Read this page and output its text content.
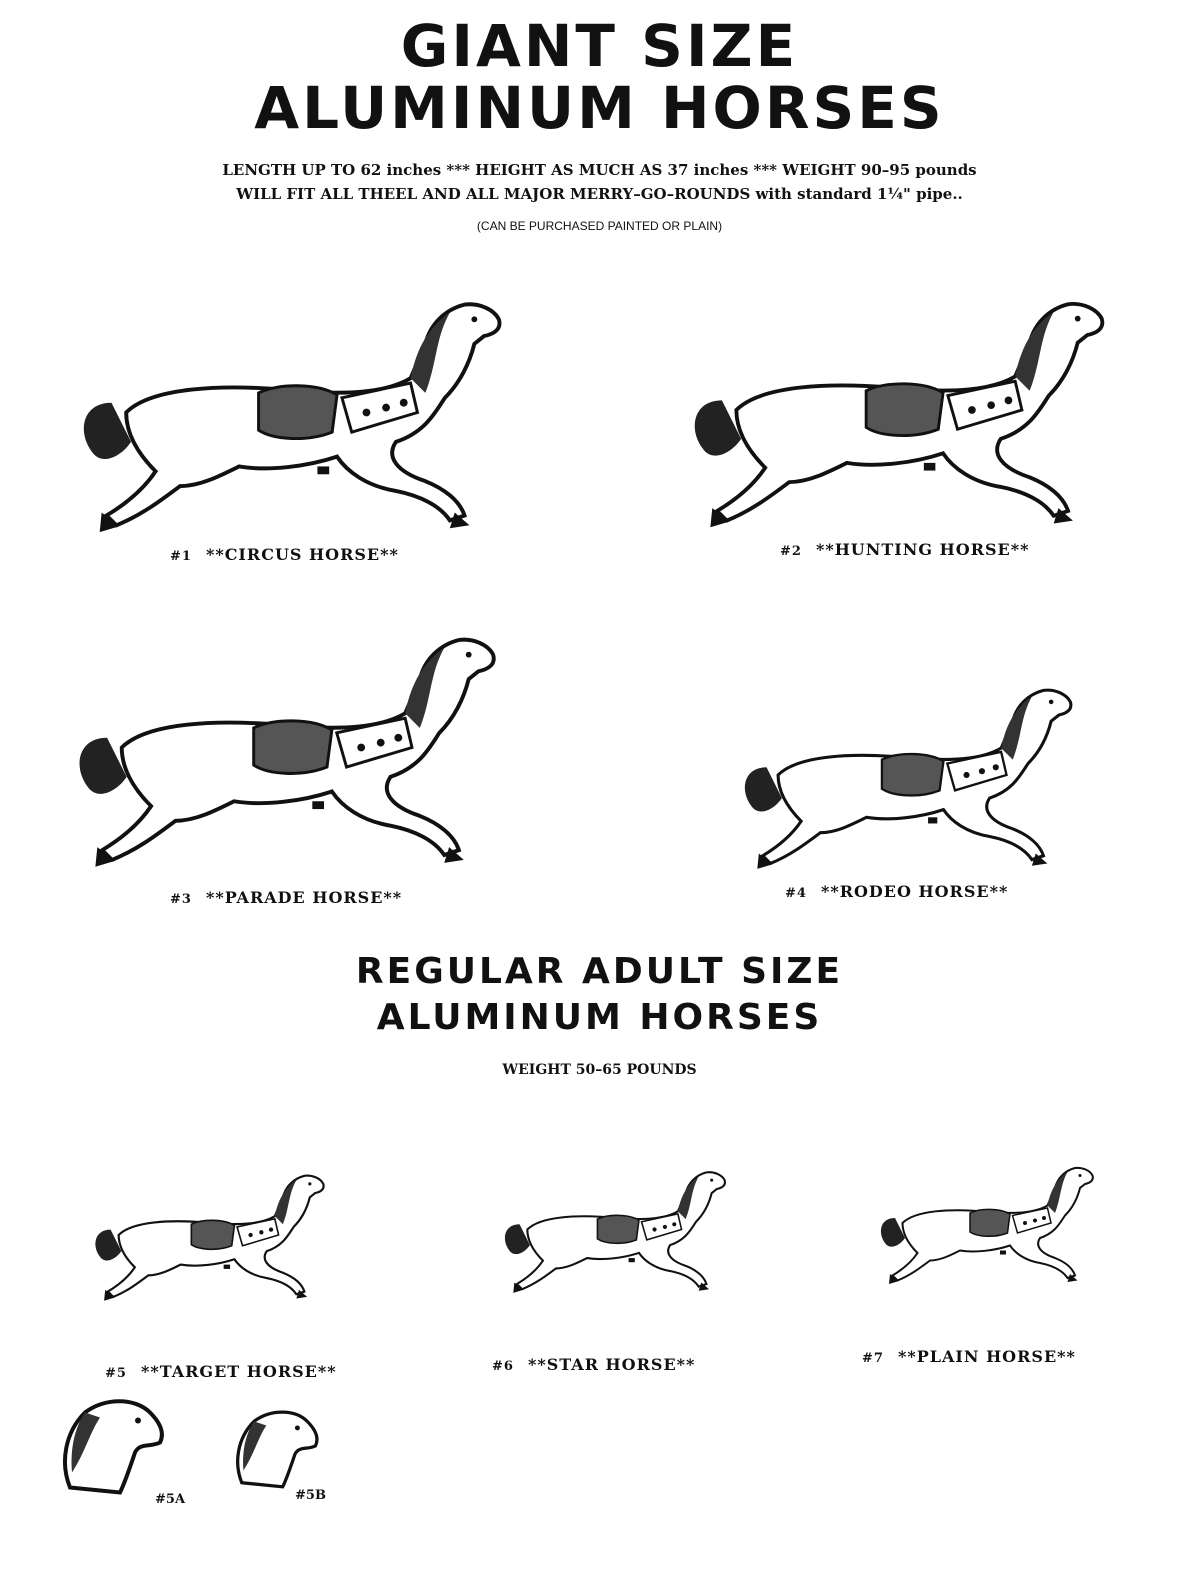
GIANT SIZE
ALUMINUM HORSES

LENGTH UP TO 62 inches *** HEIGHT AS MUCH AS 37 inches *** WEIGHT 90–95 pounds

WILL FIT ALL THEEL AND ALL MAJOR MERRY–GO–ROUNDS with standard 1¼" pipe..

(CAN BE PURCHASED PAINTED OR PLAIN)

#1 **CIRCUS HORSE**	#2 **HUNTING HORSE**
#3 **PARADE HORSE**	#4 **RODEO HORSE**
REGULAR ADULT SIZE
ALUMINUM HORSES

WEIGHT 50–65 POUNDS

#5 **TARGET HORSE**	#6 **STAR HORSE**	#7 **PLAIN HORSE**
#5A	#5B
